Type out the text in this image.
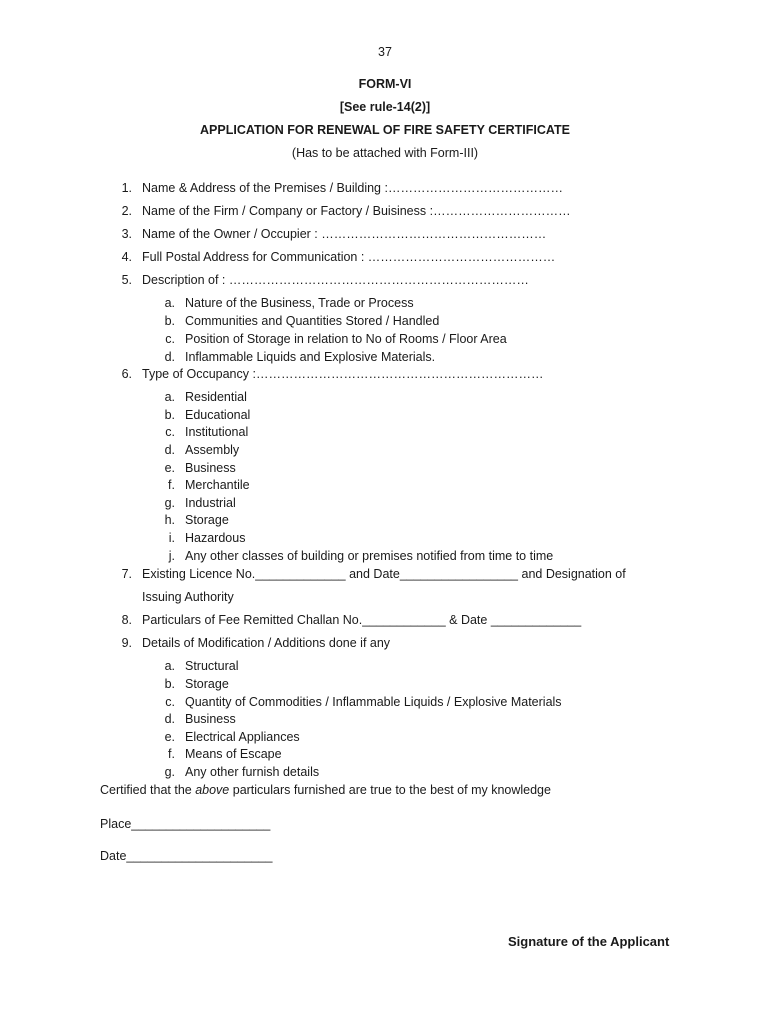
37
FORM-VI
[See rule-14(2)]
APPLICATION FOR RENEWAL OF FIRE SAFETY CERTIFICATE
(Has to be attached with Form-III)
1. Name & Address of the Premises / Building :……………………………………
2. Name of the Firm / Company or Factory / Buisiness :……………………………
3. Name of the Owner / Occupier : ………………………………………………
4. Full Postal Address for Communication : ………………………………………
5. Description of : ………………………………………………………………
a. Nature of the Business, Trade or Process
b. Communities and Quantities Stored / Handled
c. Position of Storage in relation to No of Rooms / Floor Area
d. Inflammable Liquids and Explosive Materials.
6. Type of Occupancy :……………………………………………………………
a. Residential
b. Educational
c. Institutional
d. Assembly
e. Business
f. Merchantile
g. Industrial
h. Storage
i. Hazardous
j. Any other classes of building or premises notified from time to time
7. Existing Licence No._____________ and Date_________________ and Designation of
Issuing Authority
8. Particulars of Fee Remitted Challan No.____________ & Date _____________
9. Details of Modification / Additions done if any
a. Structural
b. Storage
c. Quantity of Commodities / Inflammable Liquids / Explosive Materials
d. Business
e. Electrical Appliances
f. Means of Escape
g. Any other furnish details
Certified that the above particulars furnished are true to the best of my knowledge
Place____________________
Date_____________________
Signature of the Applicant
